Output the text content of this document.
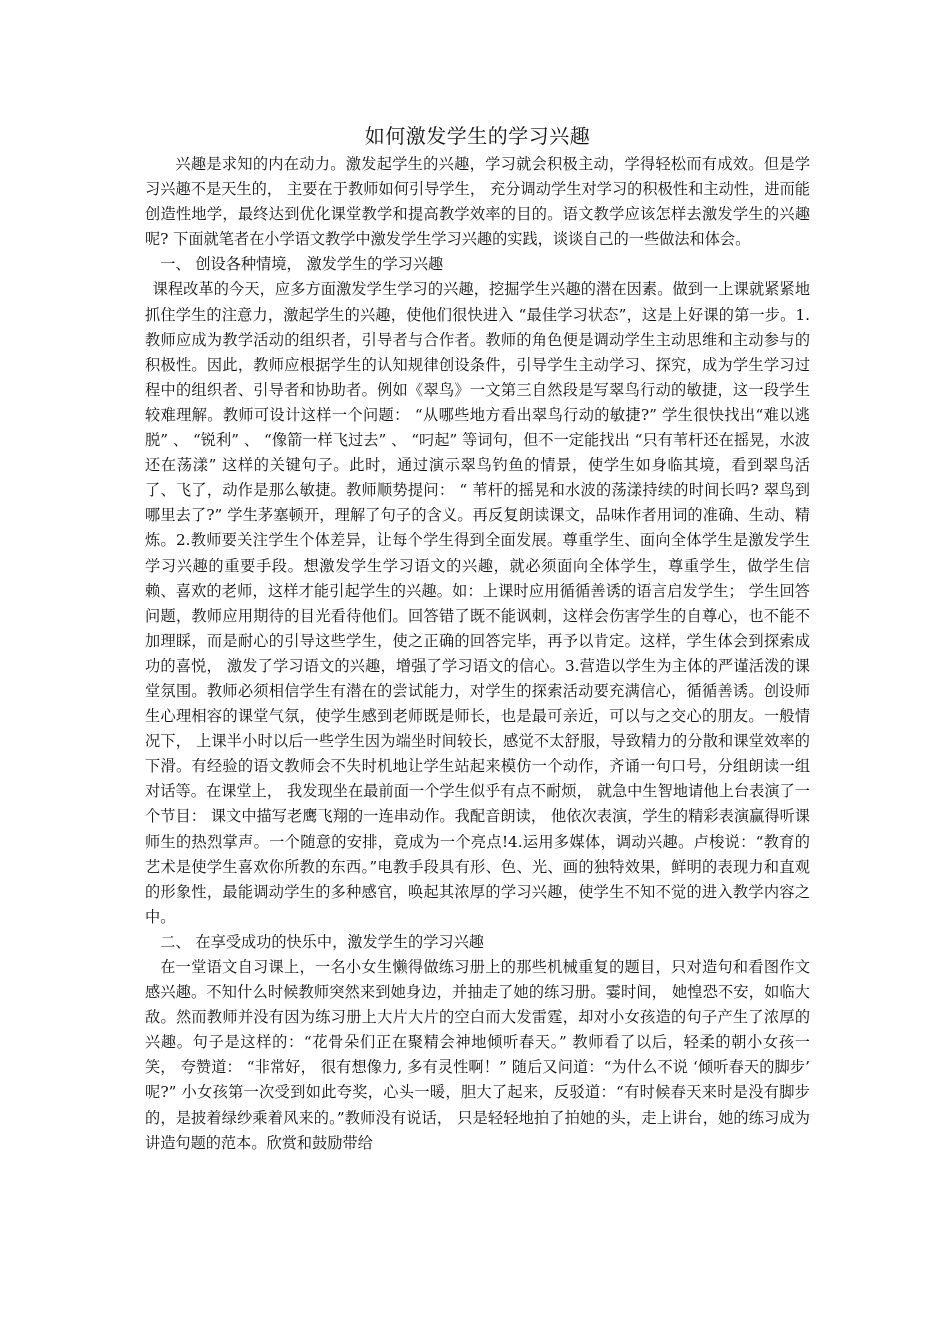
如何激发学生的学习兴趣

兴趣是求知的内在动力。激发起学生的兴趣，学习就会积极主动，学得轻松而有成效。但是学习兴趣不是天生的， 主要在于教师如何引导学生， 充分调动学生对学习的积极性和主动性，进而能创造性地学，最终达到优化课堂教学和提高教学效率的目的。语文教学应该怎样去激发学生的兴趣呢? 下面就笔者在小学语文教学中激发学生学习兴趣的实践，谈谈自己的一些做法和体会。

一、 创设各种情境， 激发学生的学习兴趣

课程改革的今天，应多方面激发学生学习的兴趣，挖掘学生兴趣的潜在因素。做到一上课就紧紧地抓住学生的注意力，激起学生的兴趣，使他们很快进入 “最佳学习状态”，这是上好课的第一步。1. 教师应成为教学活动的组织者，引导者与合作者。教师的角色便是调动学生主动思维和主动参与的积极性。因此，教师应根据学生的认知规律创设条件，引导学生主动学习、探究，成为学生学习过程中的组织者、引导者和协助者。例如《翠鸟》一文第三自然段是写翠鸟行动的敏捷，这一段学生较难理解。教师可设计这样一个问题： “从哪些地方看出翠鸟行动的敏捷?” 学生很快找出“难以逃脱” 、 “锐利” 、 “像箭一样飞过去” 、 “叼起” 等词句，但不一定能找出 “只有苇杆还在摇晃，水波还在荡漾” 这样的关键句子。此时，通过演示翠鸟钓鱼的情景，使学生如身临其境，看到翠鸟活了、飞了，动作是那么敏捷。教师顺势提问： “ 苇杆的摇晃和水波的荡漾持续的时间长吗? 翠鸟到哪里去了?” 学生茅塞顿开，理解了句子的含义。再反复朗读课文，品味作者用词的准确、生动、精炼。2.教师要关注学生个体差异，让每个学生得到全面发展。尊重学生、面向全体学生是激发学生学习兴趣的重要手段。想激发学生学习语文的兴趣，就必须面向全体学生，尊重学生，做学生信赖、喜欢的老师，这样才能引起学生的兴趣。如：上课时应用循循善诱的语言启发学生； 学生回答问题，教师应用期待的目光看待他们。回答错了既不能讽刺，这样会伤害学生的自尊心，也不能不加理睬，而是耐心的引导这些学生，使之正确的回答完毕，再予以肯定。这样，学生体会到探索成功的喜悦， 激发了学习语文的兴趣，增强了学习语文的信心。3.营造以学生为主体的严谨活泼的课堂氛围。教师必须相信学生有潜在的尝试能力，对学生的探索活动要充满信心，循循善诱。创设师生心理相容的课堂气氛，使学生感到老师既是师长，也是最可亲近，可以与之交心的朋友。一般情况下， 上课半小时以后一些学生因为端坐时间较长，感觉不太舒服，导致精力的分散和课堂效率的下滑。有经验的语文教师会不失时机地让学生站起来模仿一个动作，齐诵一句口号，分组朗读一组对话等。在课堂上， 我发现坐在最前面一个学生似乎有点不耐烦， 就急中生智地请他上台表演了一个节目： 课文中描写老鹰飞翔的一连串动作。我配音朗读， 他依次表演，学生的精彩表演赢得听课师生的热烈掌声。一个随意的安排，竟成为一个亮点!4.运用多媒体，调动兴趣。卢梭说：“教育的艺术是使学生喜欢你所教的东西。”电教手段具有形、色、光、画的独特效果，鲜明的表现力和直观的形象性，最能调动学生的多种感官，唤起其浓厚的学习兴趣，使学生不知不觉的进入教学内容之中。

二、 在享受成功的快乐中，激发学生的学习兴趣

在一堂语文自习课上，一名小女生懒得做练习册上的那些机械重复的题目，只对造句和看图作文感兴趣。不知什么时候教师突然来到她身边，并抽走了她的练习册。霎时间， 她惶恐不安，如临大敌。然而教师并没有因为练习册上大片大片的空白而大发雷霆，却对小女孩造的句子产生了浓厚的兴趣。句子是这样的：“花骨朵们正在聚精会神地倾听春天。” 教师看了以后，轻柔的朝小女孩一笑， 夸赞道： “非常好， 很有想像力, 多有灵性啊！” 随后又问道：“为什么不说 ‘倾听春天的脚步’ 呢?” 小女孩第一次受到如此夸奖，心头一暖，胆大了起来，反驳道：“有时候春天来时是没有脚步的，是披着绿纱乘着风来的。”教师没有说话， 只是轻轻地拍了拍她的头，走上讲台，她的练习成为讲造句题的范本。欣赏和鼓励带给
